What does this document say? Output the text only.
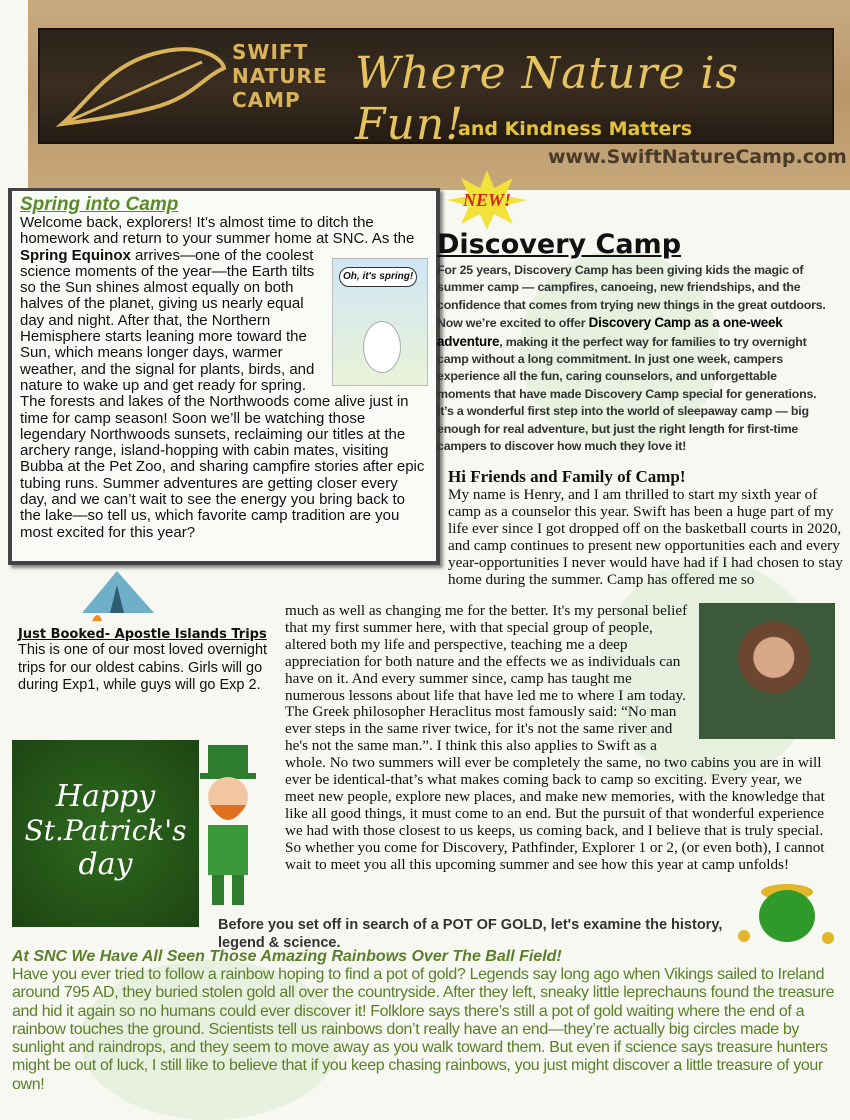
SWIFT
NATURE
CAMP
Where Nature is Fun!
and Kindness Matters
www.SwiftNatureCamp.com
Spring into Camp

Welcome back, explorers! It’s almost time to ditch the homework and return to your summer home at SNC. As the Spring Equinox
Oh, it's spring!
arrives—one of the coolest science moments of the year—the Earth tilts so the Sun shines almost equally on both halves of the planet, giving us nearly equal day and night. After that, the Northern Hemisphere starts leaning more toward the Sun, which means longer days, warmer weather, and the signal for plants, birds, and nature to wake up and get ready for spring. The forests and lakes of the Northwoods come alive just in time for camp season! Soon we’ll be watching those legendary Northwoods sunsets, reclaiming our titles at the archery range, island-hopping with cabin mates, visiting Bubba at the Pet Zoo, and sharing campfire stories after epic tubing runs. Summer adventures are getting closer every day, and we can’t wait to see the energy you bring back to the lake—so tell us, which favorite camp tradition are you most excited for this year?

NEW!
Discovery Camp

For 25 years, Discovery Camp has been giving kids the magic of summer camp — campfires, canoeing, new friendships, and the confidence that comes from trying new things in the great outdoors. Now we’re excited to offer Discovery Camp as a one-week adventure, making it the perfect way for families to try overnight camp without a long commitment. In just one week, campers experience all the fun, caring counselors, and unforgettable moments that have made Discovery Camp special for generations. It’s a wonderful first step into the world of sleepaway camp — big enough for real adventure, but just the right length for first-time campers to discover how much they love it!

Hi Friends and Family of Camp!

My name is Henry, and I am thrilled to start my sixth year of camp as a counselor this year. Swift has been a huge part of my life ever since I got dropped off on the basketball courts in 2020, and camp continues to present new opportunities each and every year-opportunities I never would have had if I had chosen to stay home during the summer. Camp has offered me so

much as well as changing me for the better. It's my personal belief that my first summer here, with that special group of people, altered both my life and perspective, teaching me a deep appreciation for both nature and the effects we as individuals can have on it. And every summer since, camp has taught me numerous lessons about life that have led me to where I am today. The Greek philosopher Heraclitus most famously said: “No man ever steps in the same river twice, for it's not the same river and he's not the same man.”. I think this also applies to Swift as a whole. No two summers will ever be completely the same, no two cabins you are in will ever be identical-that’s what makes coming back to camp so exciting. Every year, we meet new people, explore new places, and make new memories, with the knowledge that like all good things, it must come to an end. But the pursuit of that wonderful experience we had with those closest to us keeps, us coming back, and I believe that is truly special. So whether you come for Discovery, Pathfinder, Explorer 1 or 2, (or even both), I cannot wait to meet you all this upcoming summer and see how this year at camp unfolds!

Just Booked- Apostle Islands Trips

This is one of our most loved overnight trips for our oldest cabins. Girls will go during Exp1, while guys will go Exp 2.

Happy
St.Patrick's
day
Before you set off in search of a POT OF GOLD, let's examine the history, legend & science.
At SNC We Have All Seen Those Amazing Rainbows Over The Ball Field!

Have you ever tried to follow a rainbow hoping to find a pot of gold? Legends say long ago when Vikings sailed to Ireland around 795 AD, they buried stolen gold all over the countryside. After they left, sneaky little leprechauns found the treasure and hid it again so no humans could ever discover it! Folklore says there’s still a pot of gold waiting where the end of a rainbow touches the ground. Scientists tell us rainbows don’t really have an end—they’re actually big circles made by sunlight and raindrops, and they seem to move away as you walk toward them. But even if science says treasure hunters might be out of luck, I still like to believe that if you keep chasing rainbows, you just might discover a little treasure of your own!
